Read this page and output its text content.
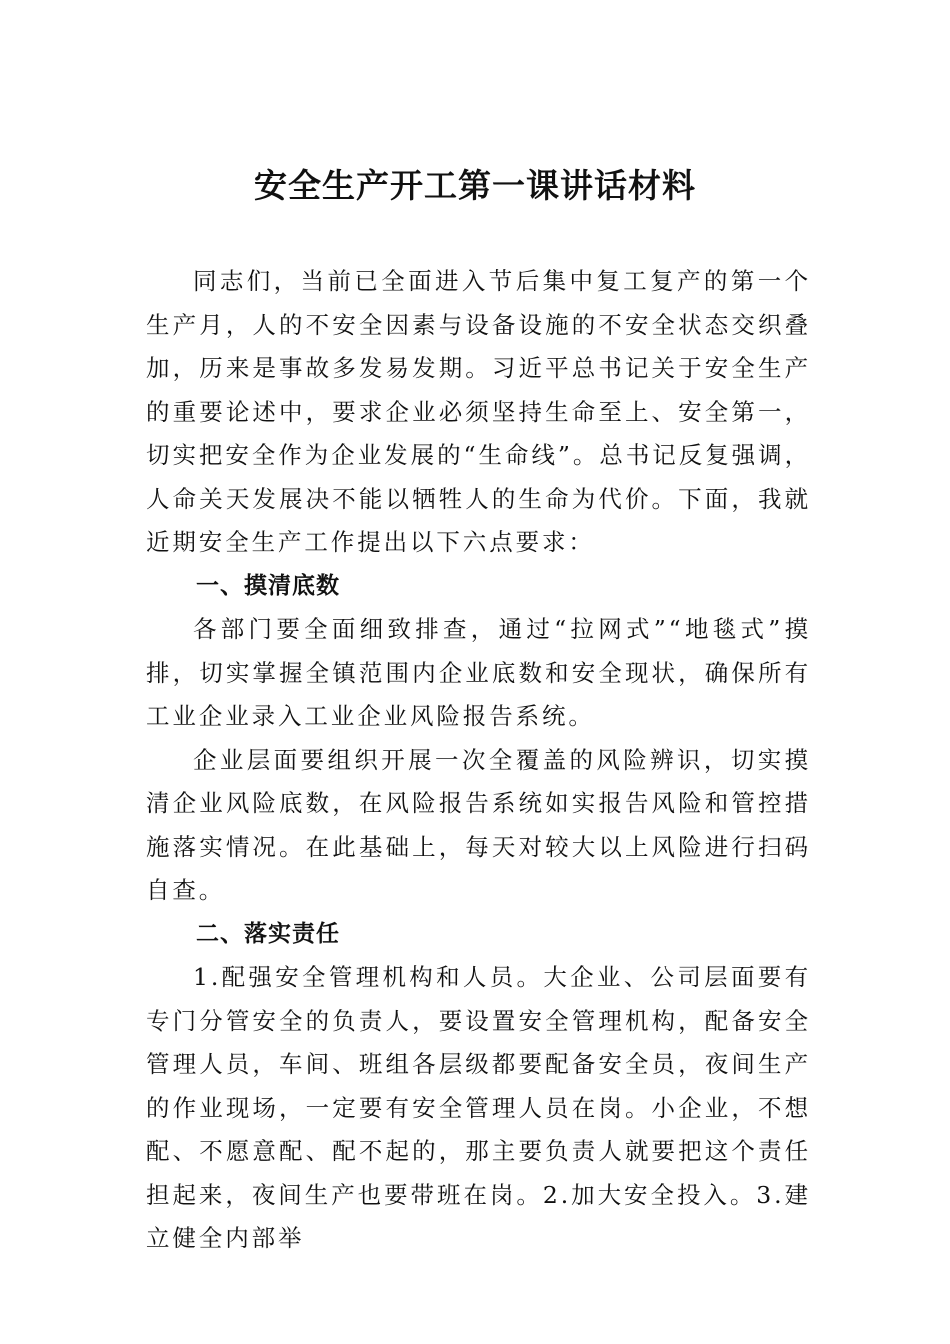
安全生产开工第一课讲话材料

同志们，当前已全面进入节后集中复工复产的第一个生产月，人的不安全因素与设备设施的不安全状态交织叠加，历来是事故多发易发期。习近平总书记关于安全生产的重要论述中，要求企业必须坚持生命至上、安全第一，切实把安全作为企业发展的“生命线”。总书记反复强调，人命关天发展决不能以牺牲人的生命为代价。下面，我就近期安全生产工作提出以下六点要求：

一、摸清底数

各部门要全面细致排查，通过“拉网式”“地毯式”摸排，切实掌握全镇范围内企业底数和安全现状，确保所有工业企业录入工业企业风险报告系统。

企业层面要组织开展一次全覆盖的风险辨识，切实摸清企业风险底数，在风险报告系统如实报告风险和管控措施落实情况。在此基础上，每天对较大以上风险进行扫码自查。

二、落实责任

1.配强安全管理机构和人员。大企业、公司层面要有专门分管安全的负责人，要设置安全管理机构，配备安全管理人员，车间、班组各层级都要配备安全员，夜间生产的作业现场，一定要有安全管理人员在岗。小企业，不想配、不愿意配、配不起的，那主要负责人就要把这个责任担起来，夜间生产也要带班在岗。2.加大安全投入。3.建立健全内部举
